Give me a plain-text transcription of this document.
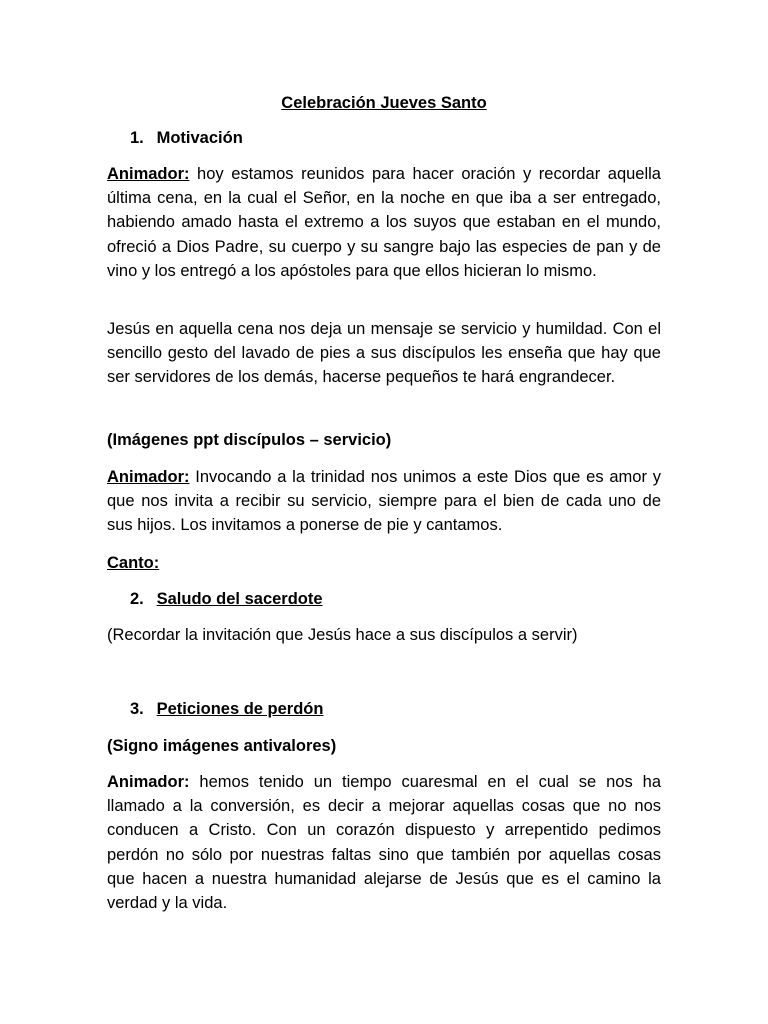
Celebración Jueves Santo
1. Motivación
Animador: hoy estamos reunidos para hacer oración y recordar aquella última cena, en la cual el Señor, en la noche en que iba a ser entregado, habiendo amado hasta el extremo a los suyos que estaban en el mundo, ofreció a Dios Padre, su cuerpo y su sangre bajo las especies de pan y de vino y los entregó a los apóstoles para que ellos hicieran lo mismo.
Jesús en aquella cena nos deja un mensaje se servicio y humildad. Con el sencillo gesto del lavado de pies a sus discípulos les enseña que hay que ser servidores de los demás, hacerse pequeños te hará engrandecer.
(Imágenes ppt discípulos – servicio)
Animador: Invocando a la trinidad nos unimos a este Dios que es amor y que nos invita a recibir su servicio, siempre para el bien de cada uno de sus hijos. Los invitamos a ponerse de pie y cantamos.
Canto:
2. Saludo del sacerdote
(Recordar la invitación que Jesús hace a sus discípulos a servir)
3. Peticiones de perdón
(Signo imágenes antivalores)
Animador: hemos tenido un tiempo cuaresmal en el cual se nos ha llamado a la conversión, es decir a mejorar aquellas cosas que no nos conducen a Cristo. Con un corazón dispuesto y arrepentido pedimos perdón no sólo por nuestras faltas sino que también por aquellas cosas que hacen a nuestra humanidad alejarse de Jesús que es el camino la verdad y la vida.
